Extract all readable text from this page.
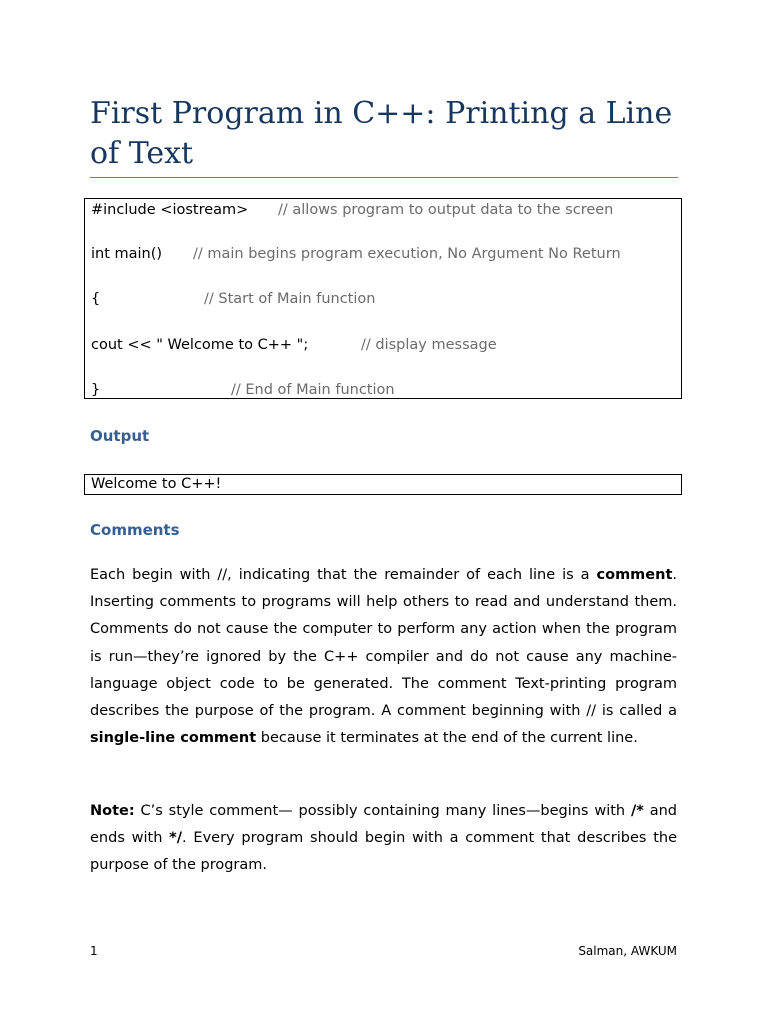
First Program in C++: Printing a Line of Text
#include <iostream> // allows program to output data to the screen
int main() // main begins program execution, No Argument No Return
{	// Start of Main function
cout << " Welcome to C++ ";	// display message
}	// End of Main function
Output
Welcome to C++!
Comments

Each begin with //, indicating that the remainder of each line is a comment. Inserting comments to programs will help others to read and understand them. Comments do not cause the computer to perform any action when the program is run—they’re ignored by the C++ compiler and do not cause any machine-language object code to be generated. The comment Text-printing program describes the purpose of the program. A comment beginning with // is called a single-line comment because it terminates at the end of the current line.

Note: C’s style comment— possibly containing many lines—begins with /* and ends with */. Every program should begin with a comment that describes the purpose of the program.

1	Salman, AWKUM
